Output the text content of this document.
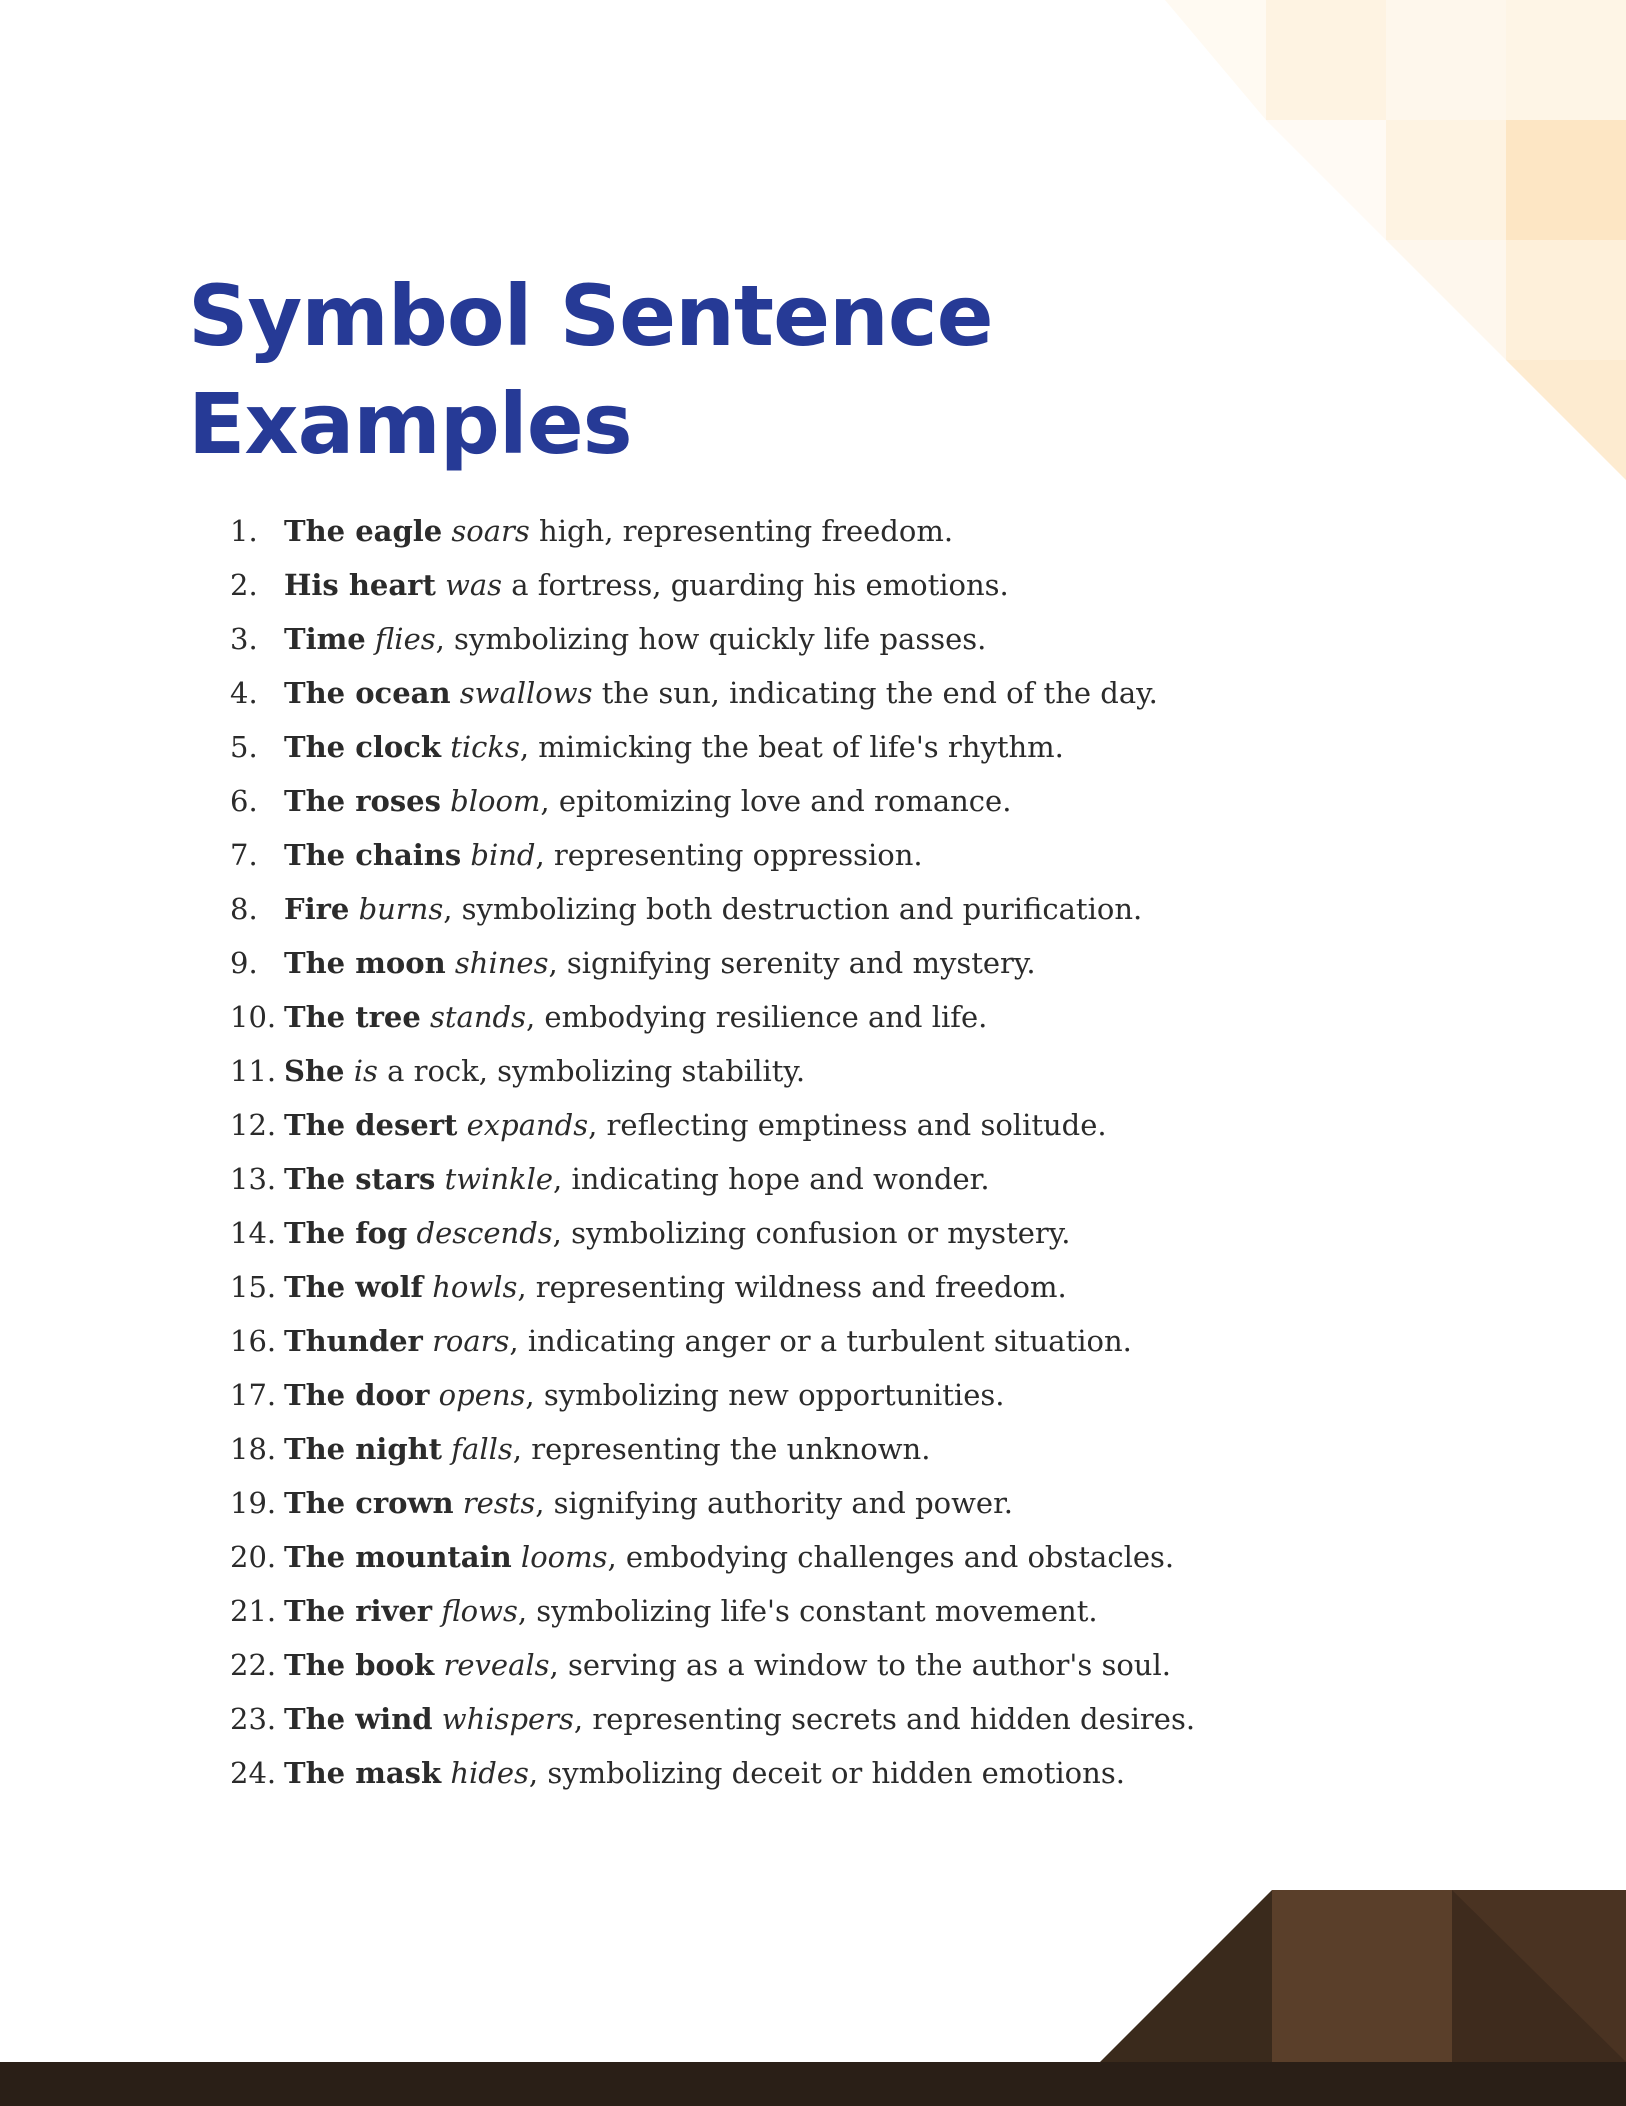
Symbol Sentence Examples
1. The eagle soars high, representing freedom.
2. His heart was a fortress, guarding his emotions.
3. Time flies, symbolizing how quickly life passes.
4. The ocean swallows the sun, indicating the end of the day.
5. The clock ticks, mimicking the beat of life's rhythm.
6. The roses bloom, epitomizing love and romance.
7. The chains bind, representing oppression.
8. Fire burns, symbolizing both destruction and purification.
9. The moon shines, signifying serenity and mystery.
10. The tree stands, embodying resilience and life.
11. She is a rock, symbolizing stability.
12. The desert expands, reflecting emptiness and solitude.
13. The stars twinkle, indicating hope and wonder.
14. The fog descends, symbolizing confusion or mystery.
15. The wolf howls, representing wildness and freedom.
16. Thunder roars, indicating anger or a turbulent situation.
17. The door opens, symbolizing new opportunities.
18. The night falls, representing the unknown.
19. The crown rests, signifying authority and power.
20. The mountain looms, embodying challenges and obstacles.
21. The river flows, symbolizing life's constant movement.
22. The book reveals, serving as a window to the author's soul.
23. The wind whispers, representing secrets and hidden desires.
24. The mask hides, symbolizing deceit or hidden emotions.
